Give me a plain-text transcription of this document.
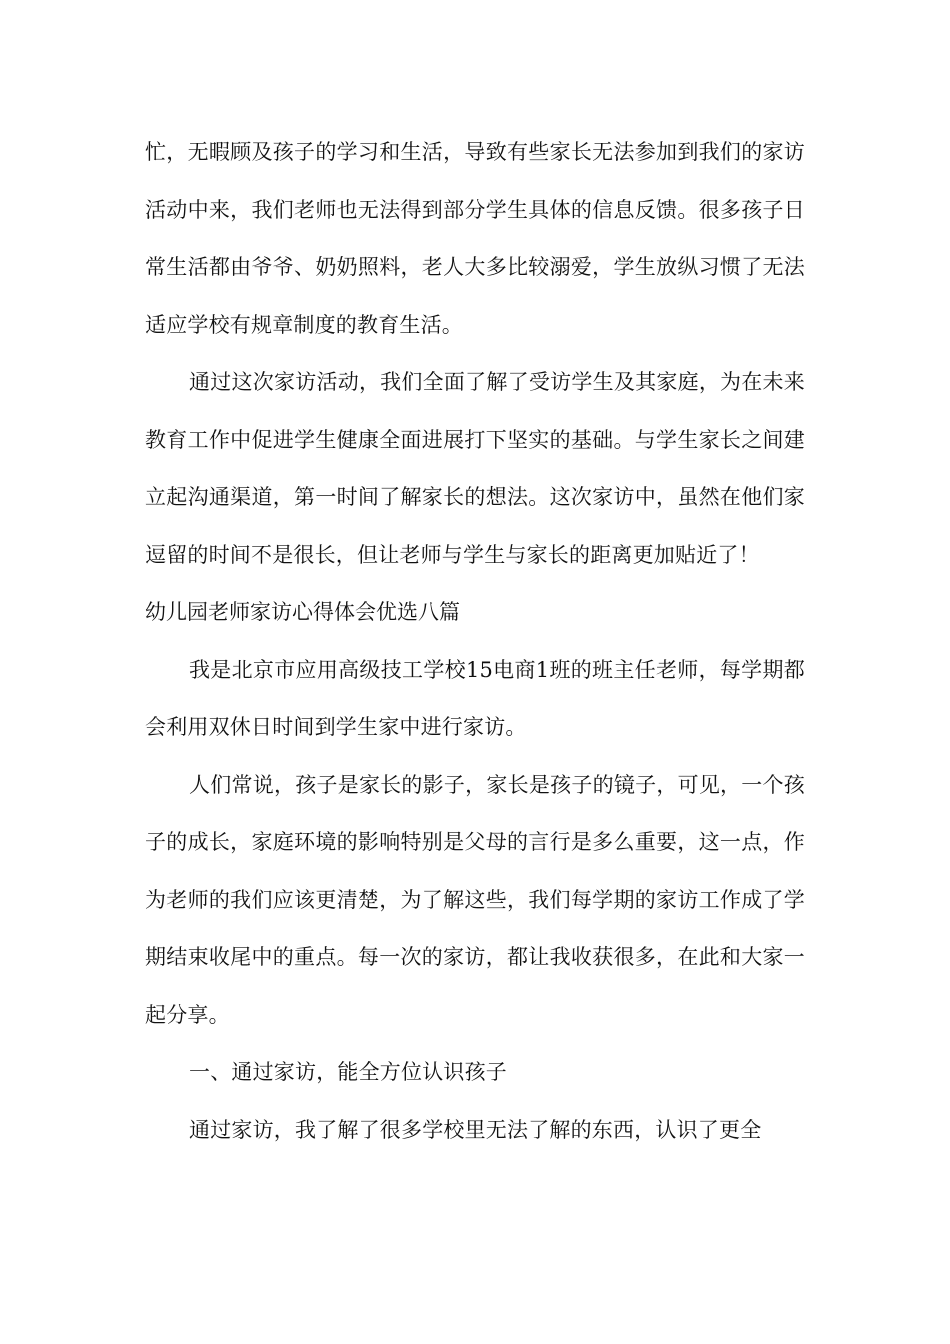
忙，无暇顾及孩子的学习和生活，导致有些家长无法参加到我们的家访活动中来，我们老师也无法得到部分学生具体的信息反馈。很多孩子日常生活都由爷爷、奶奶照料，老人大多比较溺爱，学生放纵习惯了无法适应学校有规章制度的教育生活。

通过这次家访活动，我们全面了解了受访学生及其家庭，为在未来教育工作中促进学生健康全面进展打下坚实的基础。与学生家长之间建立起沟通渠道，第一时间了解家长的想法。这次家访中，虽然在他们家逗留的时间不是很长，但让老师与学生与家长的距离更加贴近了！

幼儿园老师家访心得体会优选八篇

我是北京市应用高级技工学校15电商1班的班主任老师，每学期都会利用双休日时间到学生家中进行家访。

人们常说，孩子是家长的影子，家长是孩子的镜子，可见，一个孩子的成长，家庭环境的影响特别是父母的言行是多么重要，这一点，作为老师的我们应该更清楚，为了解这些，我们每学期的家访工作成了学期结束收尾中的重点。每一次的家访，都让我收获很多，在此和大家一起分享。

一、通过家访，能全方位认识孩子

通过家访，我了解了很多学校里无法了解的东西，认识了更全
